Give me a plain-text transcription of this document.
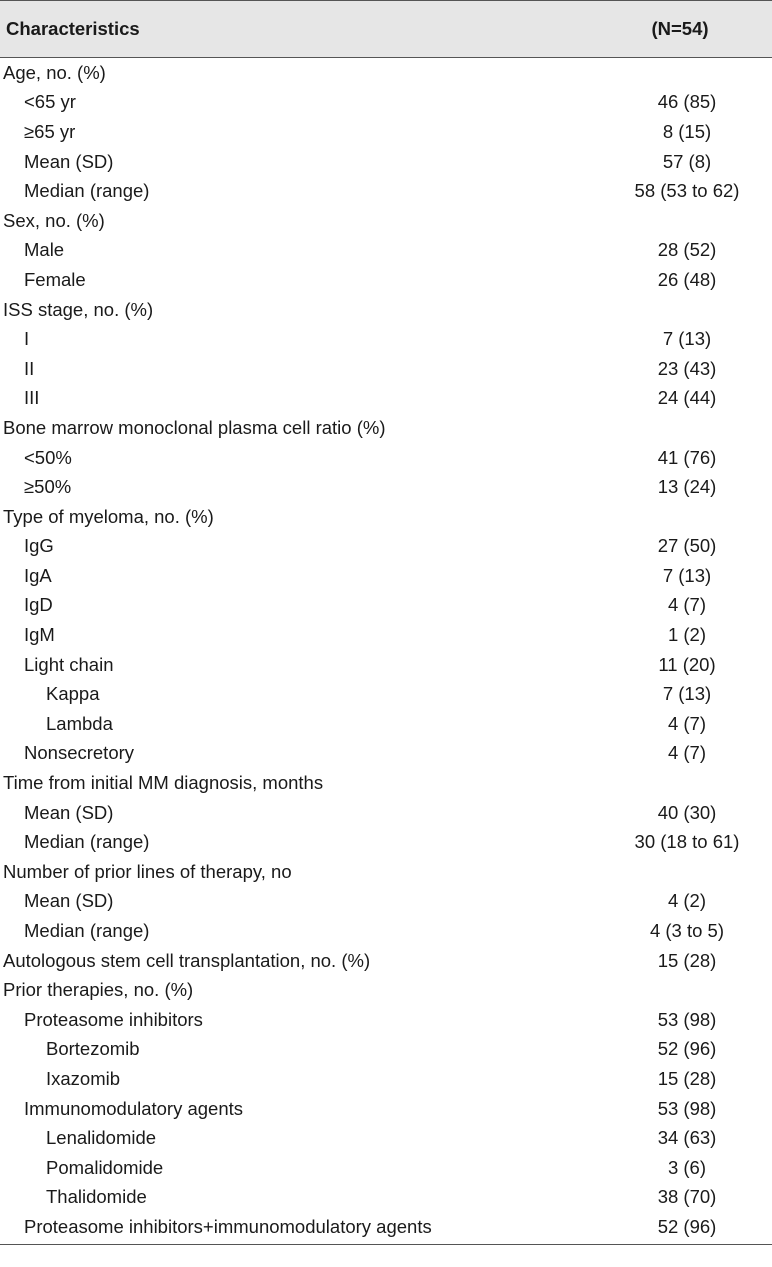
Characteristics	(N=54)
Age, no. (%)
<65 yr	46 (85)
≥65 yr	8 (15)
Mean (SD)	57 (8)
Median (range)	58 (53 to 62)
Sex, no. (%)
Male	28 (52)
Female	26 (48)
ISS stage, no. (%)
I	7 (13)
II	23 (43)
III	24 (44)
Bone marrow monoclonal plasma cell ratio (%)
<50%	41 (76)
≥50%	13 (24)
Type of myeloma, no. (%)
IgG	27 (50)
IgA	7 (13)
IgD	4 (7)
IgM	1 (2)
Light chain	11 (20)
Kappa	7 (13)
Lambda	4 (7)
Nonsecretory	4 (7)
Time from initial MM diagnosis, months
Mean (SD)	40 (30)
Median (range)	30 (18 to 61)
Number of prior lines of therapy, no
Mean (SD)	4 (2)
Median (range)	4 (3 to 5)
Autologous stem cell transplantation, no. (%)	15 (28)
Prior therapies, no. (%)
Proteasome inhibitors	53 (98)
Bortezomib	52 (96)
Ixazomib	15 (28)
Immunomodulatory agents	53 (98)
Lenalidomide	34 (63)
Pomalidomide	3 (6)
Thalidomide	38 (70)
Proteasome inhibitors+immunomodulatory agents	52 (96)
